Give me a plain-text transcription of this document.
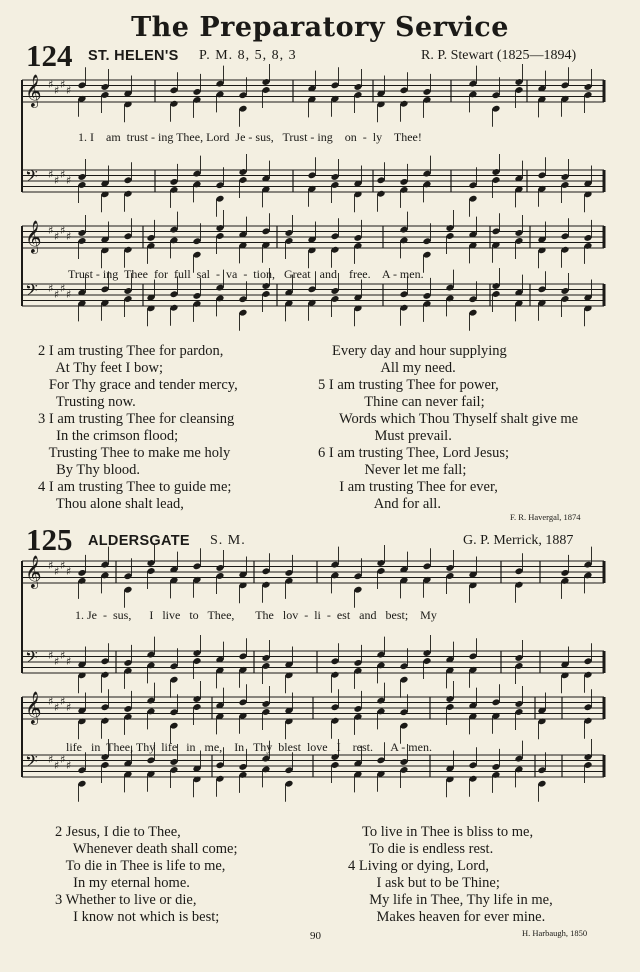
The Preparatory Service
124 ST. HELEN'S P. M. 8, 5, 8, 3	R. P. Stewart (1825—1894)
𝄞 ♯ ♯ ♯ ♯
𝄢 ♯ ♯ ♯ ♯
𝄞 ♯ ♯ ♯ ♯
𝄢 ♯ ♯ ♯ ♯
1. I    am  trust - ing Thee, Lord  Je - sus,   Trust - ing    on  -  ly    Thee!
Trust - ing  Thee  for  full  sal  -  va  -  tion,   Great   and    free.    A - men.
2 I am trusting Thee for pardon,
At Thy feet I bow;
For Thy grace and tender mercy,
Trusting now.
3 I am trusting Thee for cleansing
In the crimson flood;
Trusting Thee to make me holy
By Thy blood.
4 I am trusting Thee to guide me;
Thou alone shalt lead,
Every day and hour supplying
All my need.
5 I am trusting Thee for power,
Thine can never fail;
Words which Thou Thyself shalt give me
Must prevail.
6 I am trusting Thee, Lord Jesus;
Never let me fall;
I am trusting Thee for ever,
And for all.
F. R. Havergal, 1874
125 ALDERSGATE S. M.	G. P. Merrick, 1887
𝄞 ♯ ♯ ♯ ♯
𝄢 ♯ ♯ ♯ ♯
𝄞 ♯ ♯ ♯ ♯
𝄢 ♯ ♯ ♯ ♯
1. Je  -  sus,      I   live   to   Thee,       The   lov  -  li  -  est   and   best;    My
life   in  Thee, Thy  life   in   me,    In   Thy  blest  love   I    rest.      A - men.
2 Jesus, I die to Thee,
Whenever death shall come;
To die in Thee is life to me,
In my eternal home.
3 Whether to live or die,
I know not which is best;
To live in Thee is bliss to me,
To die is endless rest.
4 Living or dying, Lord,
I ask but to be Thine;
My life in Thee, Thy life in me,
Makes heaven for ever mine.
H. Harbaugh, 1850
90
